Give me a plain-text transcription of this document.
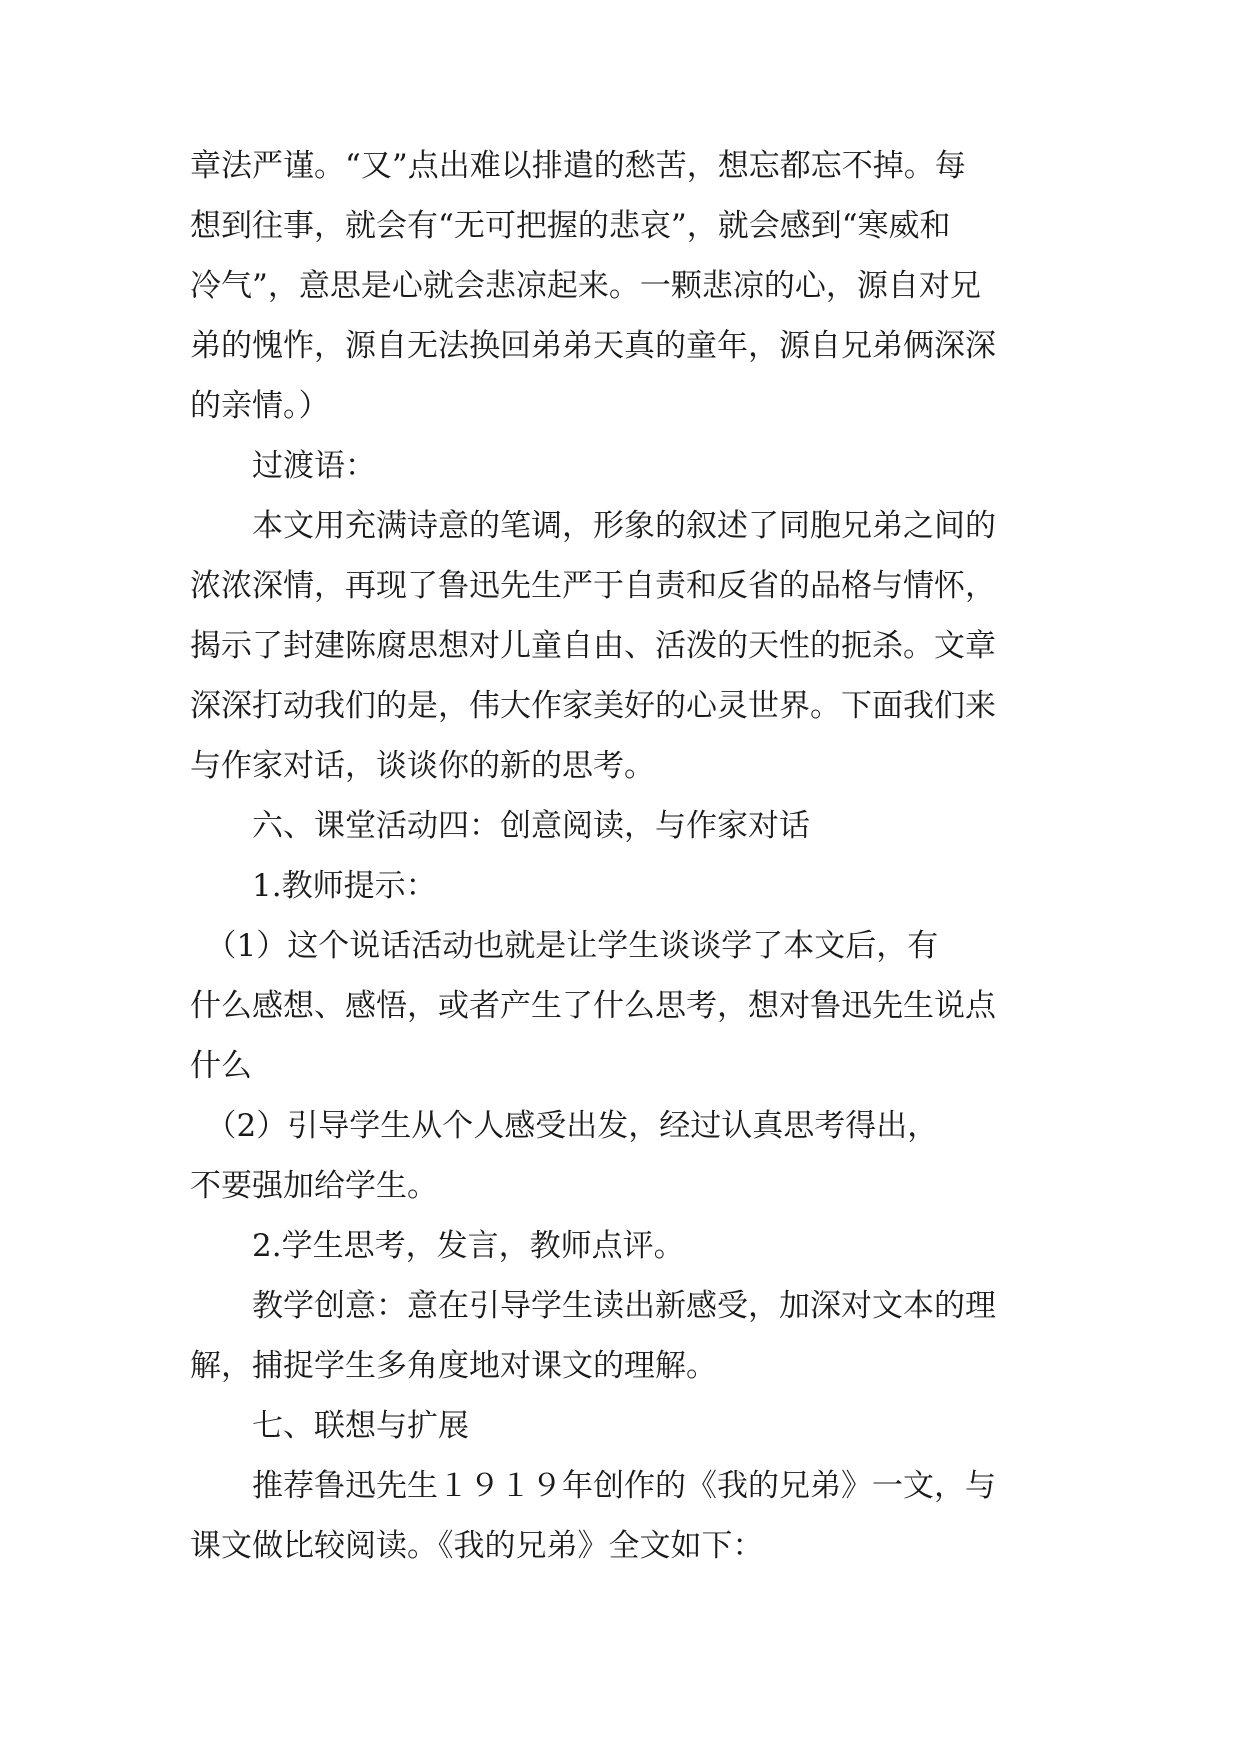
章法严谨。“又”点出难以排遣的愁苦，想忘都忘不掉。每
想到往事，就会有“无可把握的悲哀”，就会感到“寒威和
冷气”，意思是心就会悲凉起来。一颗悲凉的心，源自对兄
弟的愧怍，源自无法换回弟弟天真的童年，源自兄弟俩深深
的亲情。）
　　过渡语：
　　本文用充满诗意的笔调，形象的叙述了同胞兄弟之间的
浓浓深情，再现了鲁迅先生严于自责和反省的品格与情怀，
揭示了封建陈腐思想对儿童自由、活泼的天性的扼杀。文章
深深打动我们的是，伟大作家美好的心灵世界。下面我们来
与作家对话，谈谈你的新的思考。
　　六、课堂活动四：创意阅读，与作家对话
　　1.教师提示：
　（1）这个说话活动也就是让学生谈谈学了本文后，有
什么感想、感悟，或者产生了什么思考，想对鲁迅先生说点
什么
　（2）引导学生从个人感受出发，经过认真思考得出，
不要强加给学生。
　　2.学生思考，发言，教师点评。
　　教学创意：意在引导学生读出新感受，加深对文本的理
解，捕捉学生多角度地对课文的理解。
　　七、联想与扩展
　　推荐鲁迅先生１９１９年创作的《我的兄弟》一文，与
课文做比较阅读。《我的兄弟》全文如下：
